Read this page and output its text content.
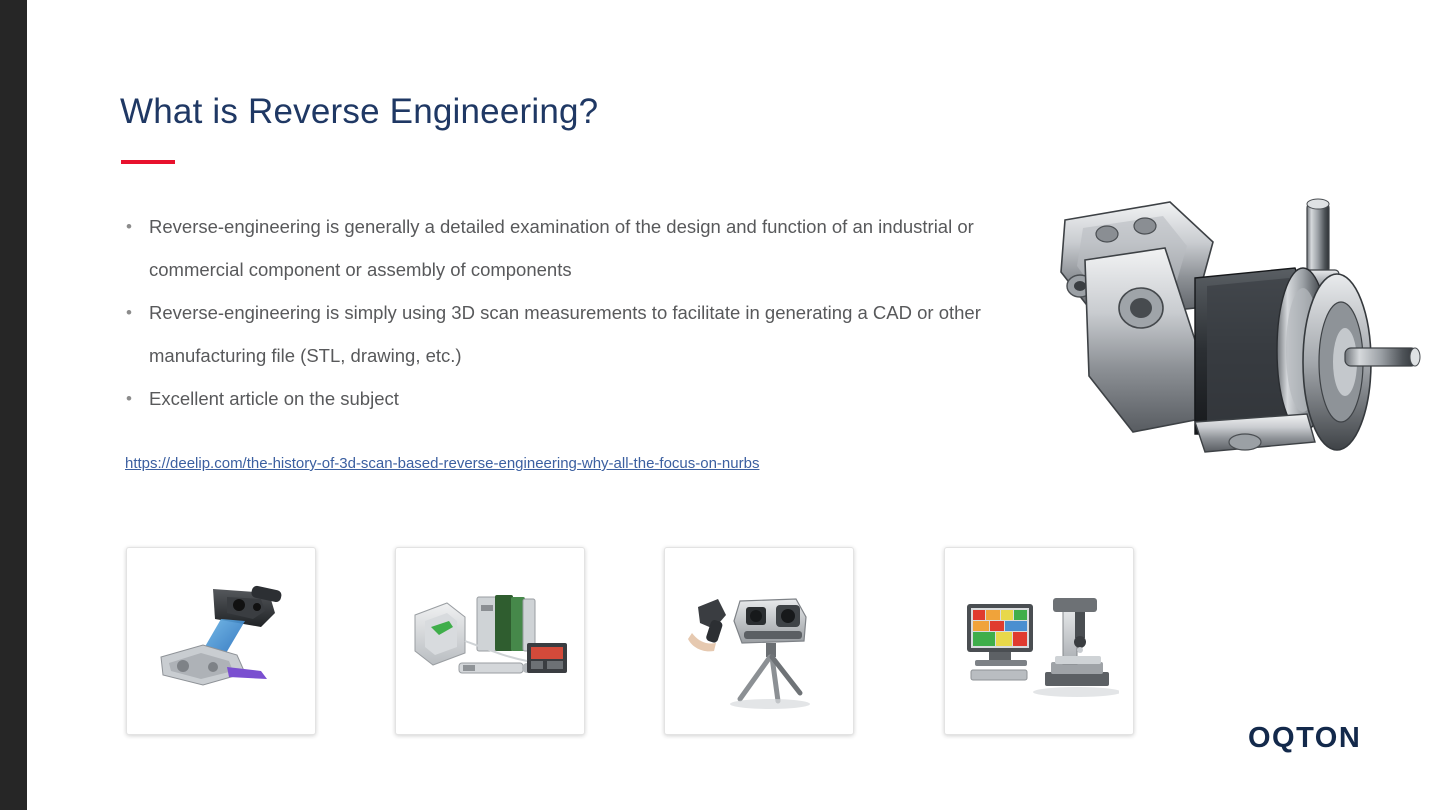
What is Reverse Engineering?
• Reverse-engineering is generally a detailed examination of the design and function of an industrial or commercial component or assembly of components
• Reverse-engineering is simply using 3D scan measurements to facilitate in generating a CAD or other manufacturing file (STL, drawing, etc.)
• Excellent article on the subject
https://deelip.com/the-history-of-3d-scan-based-reverse-engineering-why-all-the-focus-on-nurbs
OQTON
